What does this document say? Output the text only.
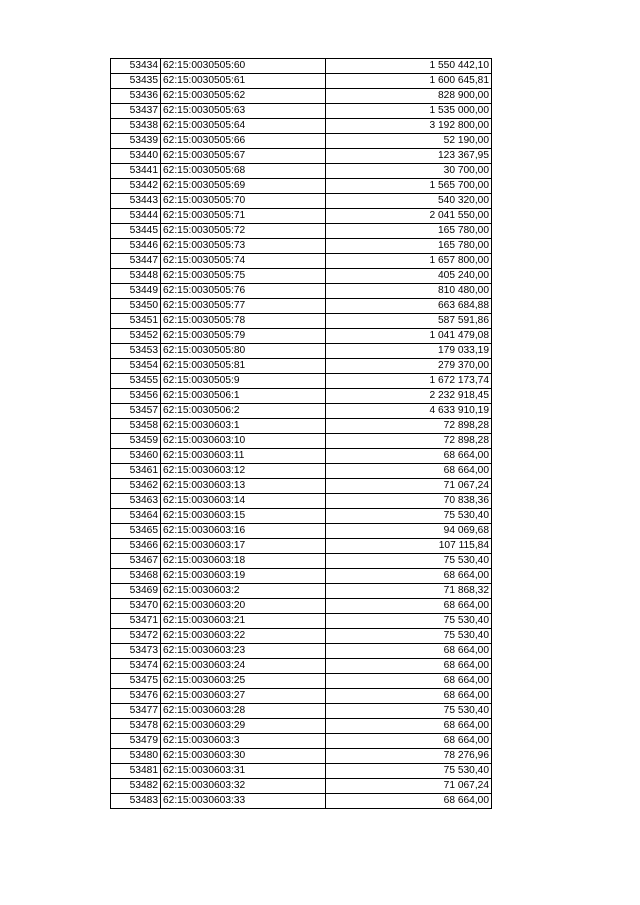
53434	62:15:0030505:60	1 550 442,10
53435	62:15:0030505:61	1 600 645,81
53436	62:15:0030505:62	828 900,00
53437	62:15:0030505:63	1 535 000,00
53438	62:15:0030505:64	3 192 800,00
53439	62:15:0030505:66	52 190,00
53440	62:15:0030505:67	123 367,95
53441	62:15:0030505:68	30 700,00
53442	62:15:0030505:69	1 565 700,00
53443	62:15:0030505:70	540 320,00
53444	62:15:0030505:71	2 041 550,00
53445	62:15:0030505:72	165 780,00
53446	62:15:0030505:73	165 780,00
53447	62:15:0030505:74	1 657 800,00
53448	62:15:0030505:75	405 240,00
53449	62:15:0030505:76	810 480,00
53450	62:15:0030505:77	663 684,88
53451	62:15:0030505:78	587 591,86
53452	62:15:0030505:79	1 041 479,08
53453	62:15:0030505:80	179 033,19
53454	62:15:0030505:81	279 370,00
53455	62:15:0030505:9	1 672 173,74
53456	62:15:0030506:1	2 232 918,45
53457	62:15:0030506:2	4 633 910,19
53458	62:15:0030603:1	72 898,28
53459	62:15:0030603:10	72 898,28
53460	62:15:0030603:11	68 664,00
53461	62:15:0030603:12	68 664,00
53462	62:15:0030603:13	71 067,24
53463	62:15:0030603:14	70 838,36
53464	62:15:0030603:15	75 530,40
53465	62:15:0030603:16	94 069,68
53466	62:15:0030603:17	107 115,84
53467	62:15:0030603:18	75 530,40
53468	62:15:0030603:19	68 664,00
53469	62:15:0030603:2	71 868,32
53470	62:15:0030603:20	68 664,00
53471	62:15:0030603:21	75 530,40
53472	62:15:0030603:22	75 530,40
53473	62:15:0030603:23	68 664,00
53474	62:15:0030603:24	68 664,00
53475	62:15:0030603:25	68 664,00
53476	62:15:0030603:27	68 664,00
53477	62:15:0030603:28	75 530,40
53478	62:15:0030603:29	68 664,00
53479	62:15:0030603:3	68 664,00
53480	62:15:0030603:30	78 276,96
53481	62:15:0030603:31	75 530,40
53482	62:15:0030603:32	71 067,24
53483	62:15:0030603:33	68 664,00
